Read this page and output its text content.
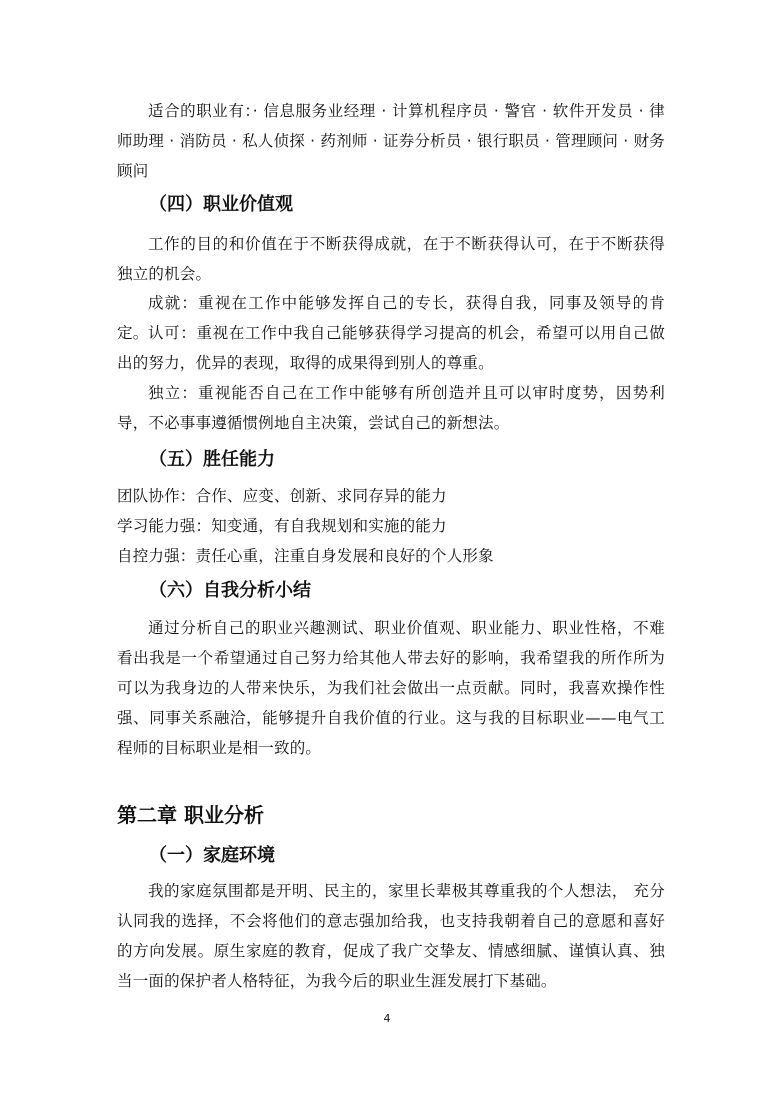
适合的职业有：· 信息服务业经理 · 计算机程序员 · 警官 · 软件开发员 · 律师助理 · 消防员 · 私人侦探 · 药剂师 · 证券分析员 · 银行职员 · 管理顾问 · 财务顾问
（四）职业价值观
工作的目的和价值在于不断获得成就，在于不断获得认可，在于不断获得独立的机会。
成就：重视在工作中能够发挥自己的专长，获得自我，同事及领导的肯定。 认可：重视在工作中我自己能够获得学习提高的机会，希望可以用自己做出的努力，优异的表现，取得的成果得到别人的尊重。
独立：重视能否自己在工作中能够有所创造并且可以审时度势，因势利导，不必事事遵循惯例地自主决策，尝试自己的新想法。
（五）胜任能力
团队协作：合作、应变、创新、求同存异的能力
学习能力强：知变通，有自我规划和实施的能力
自控力强：责任心重，注重自身发展和良好的个人形象
（六）自我分析小结
通过分析自己的职业兴趣测试、职业价值观、职业能力、职业性格，不难看出我是一个希望通过自己努力给其他人带去好的影响，我希望我的所作所为可以为我身边的人带来快乐，为我们社会做出一点贡献。同时，我喜欢操作性强、同事关系融洽，能够提升自我价值的行业。这与我的目标职业——电气工程师的目标职业是相一致的。
第二章 职业分析
（一）家庭环境
我的家庭氛围都是开明、民主的，家里长辈极其尊重我的个人想法， 充分认同我的选择，不会将他们的意志强加给我，也支持我朝着自己的意愿和喜好的方向发展。原生家庭的教育，促成了我广交挚友、情感细腻、谨慎认真、独当一面的保护者人格特征，为我今后的职业生涯发展打下基础。
4
